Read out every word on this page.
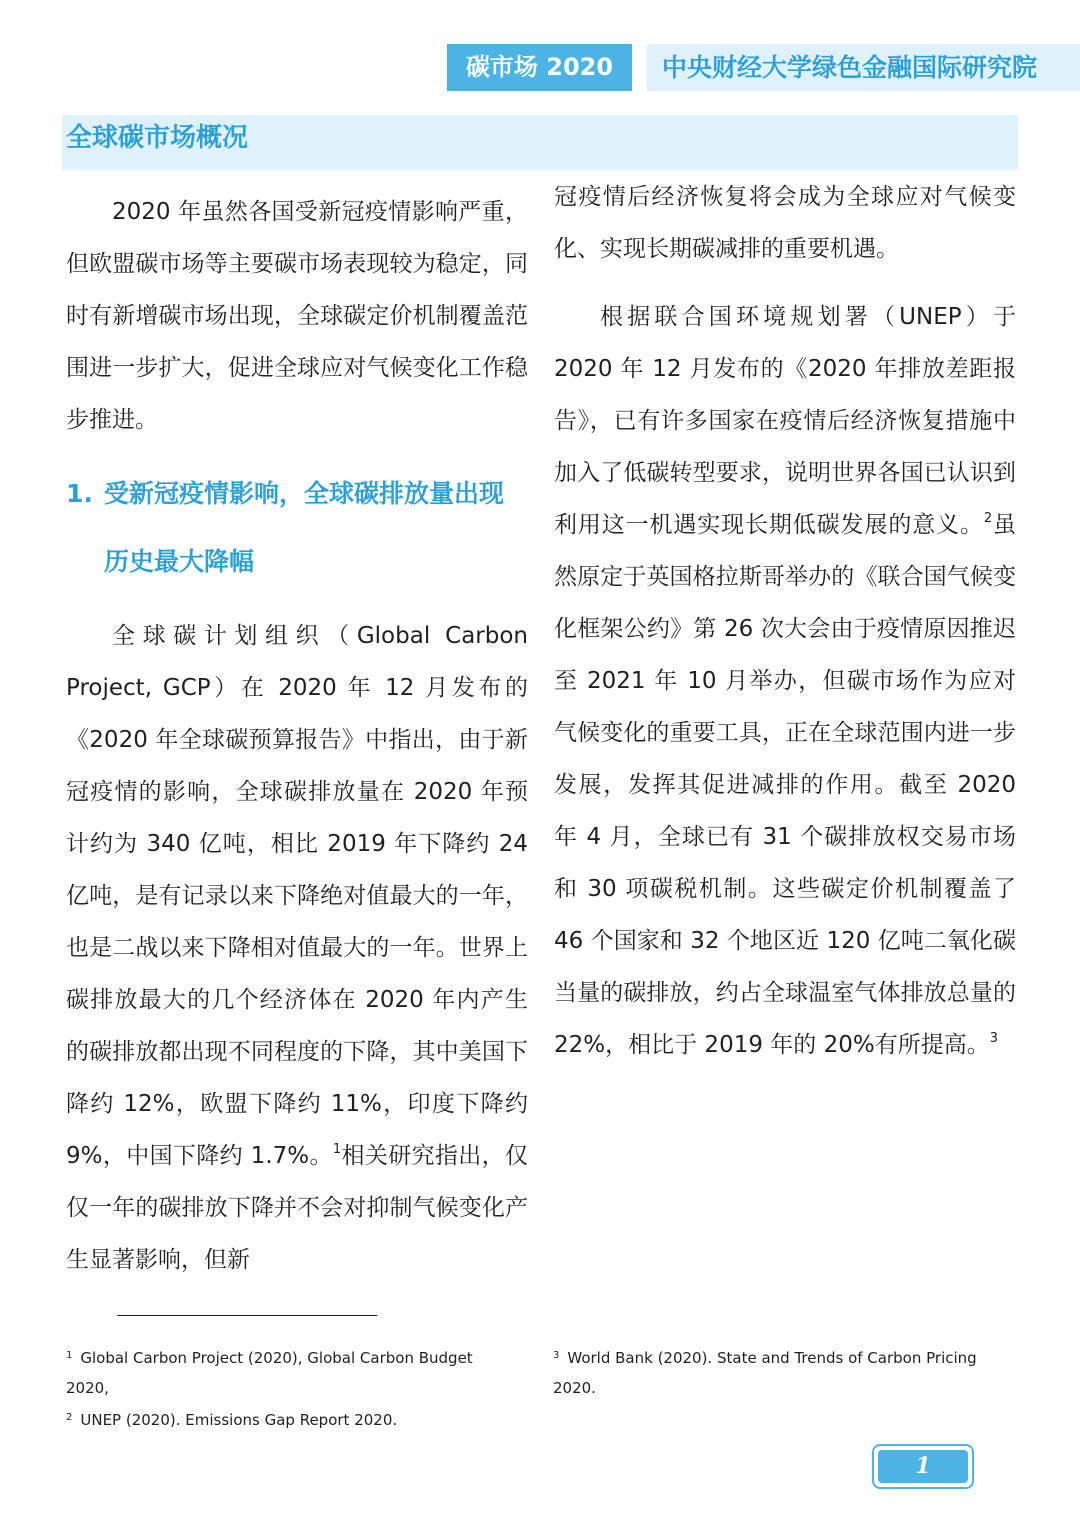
碳市场 2020	中央财经大学绿色金融国际研究院
全球碳市场概况

2020 年虽然各国受新冠疫情影响严重，但欧盟碳市场等主要碳市场表现较为稳定，同时有新增碳市场出现，全球碳定价机制覆盖范围进一步扩大，促进全球应对气候变化工作稳步推进。

1. 受新冠疫情影响，全球碳排放量出现历史最大降幅

全球碳计划组织（Global Carbon Project, GCP）在 2020 年 12 月发布的《2020 年全球碳预算报告》中指出，由于新冠疫情的影响，全球碳排放量在 2020 年预计约为 340 亿吨，相比 2019 年下降约 24 亿吨，是有记录以来下降绝对值最大的一年，也是二战以来下降相对值最大的一年。世界上碳排放最大的几个经济体在 2020 年内产生的碳排放都出现不同程度的下降，其中美国下降约 12%，欧盟下降约 11%，印度下降约 9%，中国下降约 1.7%。$^1$相关研究指出，仅仅一年的碳排放下降并不会对抑制气候变化产生显著影响，但新

冠疫情后经济恢复将会成为全球应对气候变化、实现长期碳减排的重要机遇。

根据联合国环境规划署（UNEP）于 2020 年 12 月发布的《2020 年排放差距报告》，已有许多国家在疫情后经济恢复措施中加入了低碳转型要求，说明世界各国已认识到利用这一机遇实现长期低碳发展的意义。$^2$虽然原定于英国格拉斯哥举办的《联合国气候变化框架公约》第 26 次大会由于疫情原因推迟至 2021 年 10 月举办，但碳市场作为应对气候变化的重要工具，正在全球范围内进一步发展，发挥其促进减排的作用。截至 2020 年 4 月，全球已有 31 个碳排放权交易市场和 30 项碳税机制。这些碳定价机制覆盖了 46 个国家和 32 个地区近 120 亿吨二氧化碳当量的碳排放，约占全球温室气体排放总量的 22%，相比于 2019 年的 20%有所提高。$^3$

$^1$ Global Carbon Project (2020), Global Carbon Budget 2020,

$^2$ UNEP (2020). Emissions Gap Report 2020.

$^3$ World Bank (2020). State and Trends of Carbon Pricing 2020.

1
